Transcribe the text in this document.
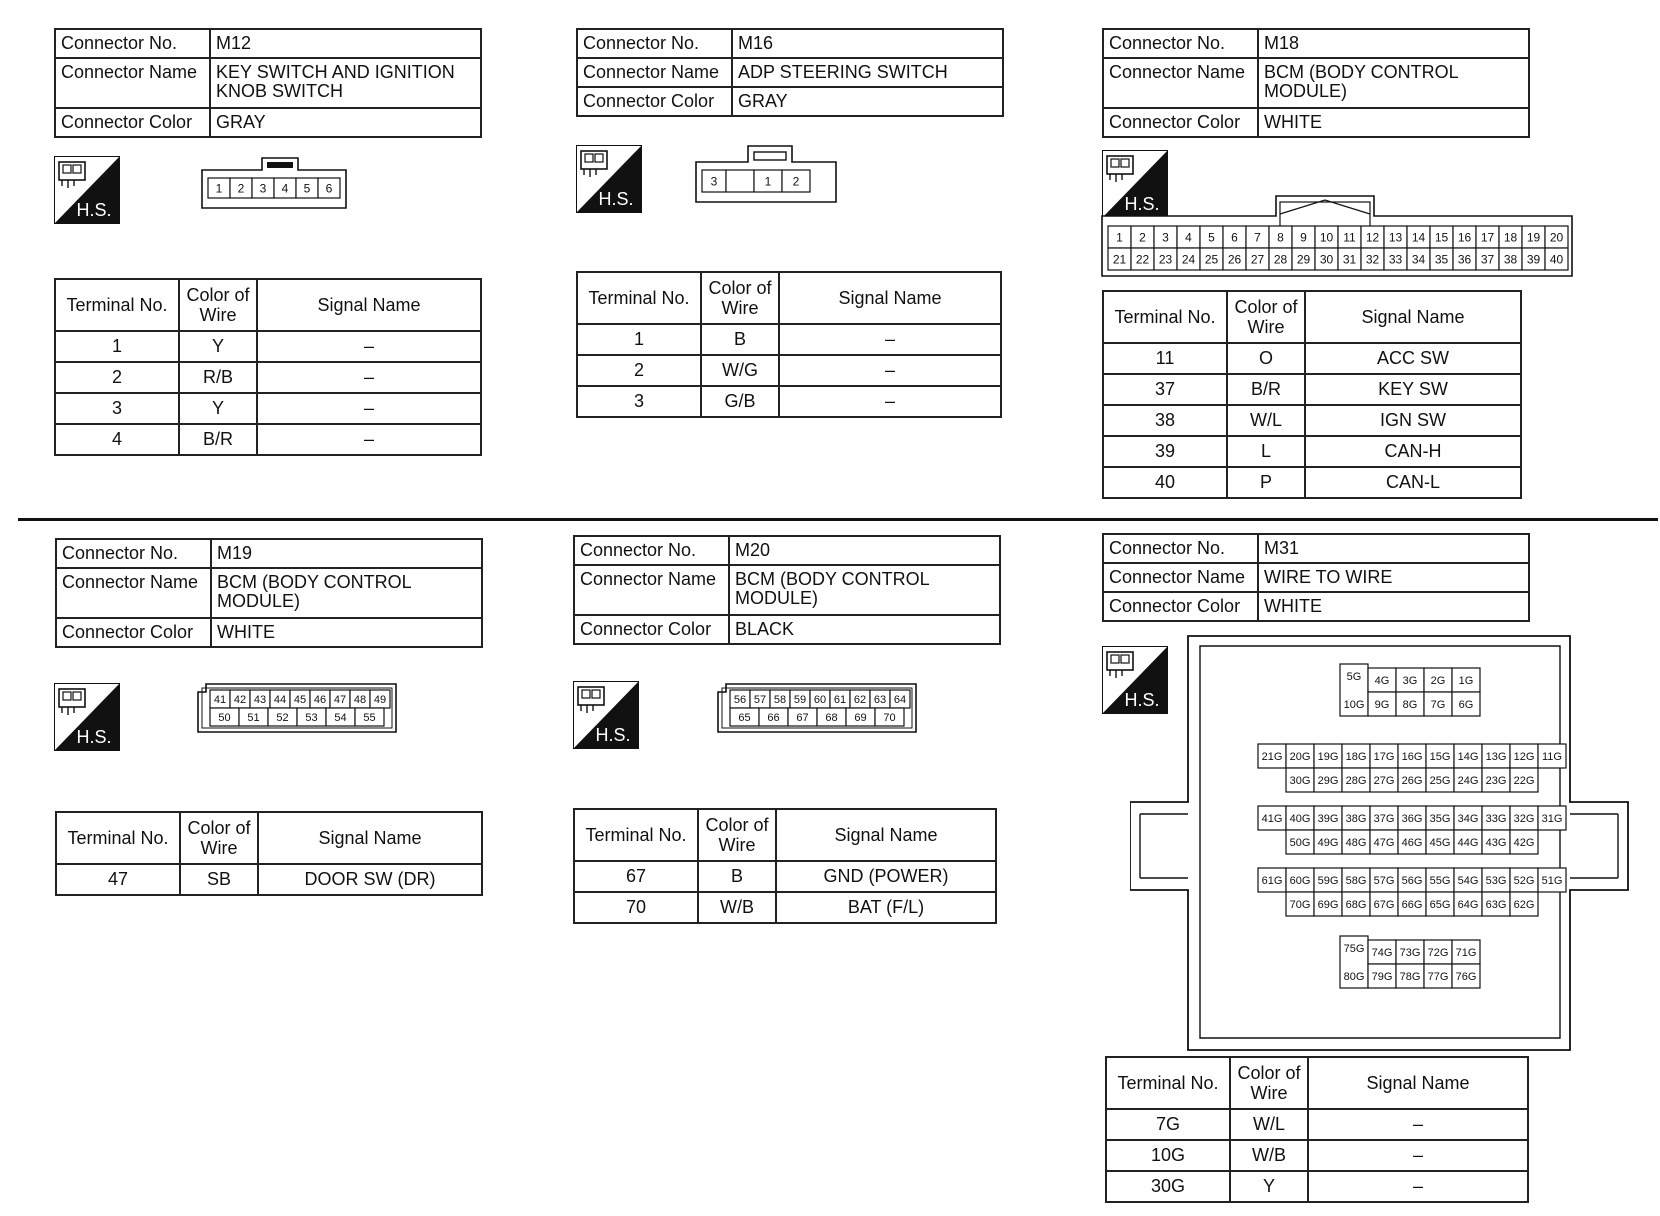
Connector No.	M12
Connector Name	KEY SWITCH AND IGNITION KNOB SWITCH
Connector Color	GRAY
H.S.
1 2 3 4 5 6
Terminal No.	Color of Wire	Signal Name
1	Y	–
2	R/B	–
3	Y	–
4	B/R	–
Connector No.	M16
Connector Name	ADP STEERING SWITCH
Connector Color	GRAY
H.S.
3	1 2
Terminal No.	Color of Wire	Signal Name
1	B	–
2	W/G	–
3	G/B	–
Connector No.	M18
Connector Name	BCM (BODY CONTROL MODULE)
Connector Color	WHITE
H.S.
1 2 3 4 5 6 7 8 9 10 11 12 13 14 15 16 17 18 19 20
21 22 23 24 25 26 27 28 29 30 31 32 33 34 35 36 37 38 39 40
Terminal No.	Color of Wire	Signal Name
11	O	ACC SW
37	B/R	KEY SW
38	W/L	IGN SW
39	L	CAN-H
40	P	CAN-L
Connector No.	M19
Connector Name	BCM (BODY CONTROL MODULE)
Connector Color	WHITE
H.S.
41 42 43 44 45 46 47 48 49
50 51 52 53 54 55
Terminal No.	Color of Wire	Signal Name
47	SB	DOOR SW (DR)
Connector No.	M20
Connector Name	BCM (BODY CONTROL MODULE)
Connector Color	BLACK
H.S.
56 57 58 59 60 61 62 63 64
65 66 67 68 69 70
Terminal No.	Color of Wire	Signal Name
67	B	GND (POWER)
70	W/B	BAT (F/L)
Connector No.	M31
Connector Name	WIRE TO WIRE
Connector Color	WHITE
H.S.
5G
10G
4G 3G 2G 1G
9G 8G 7G 6G
75G
80G
74G 73G 72G 71G
79G 78G 77G 76G
21G 20G 19G 18G 17G 16G 15G 14G 13G 12G 11G
30G 29G 28G 27G 26G 25G 24G 23G 22G
41G 40G 39G 38G 37G 36G 35G 34G 33G 32G 31G
50G 49G 48G 47G 46G 45G 44G 43G 42G
61G 60G 59G 58G 57G 56G 55G 54G 53G 52G 51G
70G 69G 68G 67G 66G 65G 64G 63G 62G
Terminal No.	Color of Wire	Signal Name
7G	W/L	–
10G	W/B	–
30G	Y	–
